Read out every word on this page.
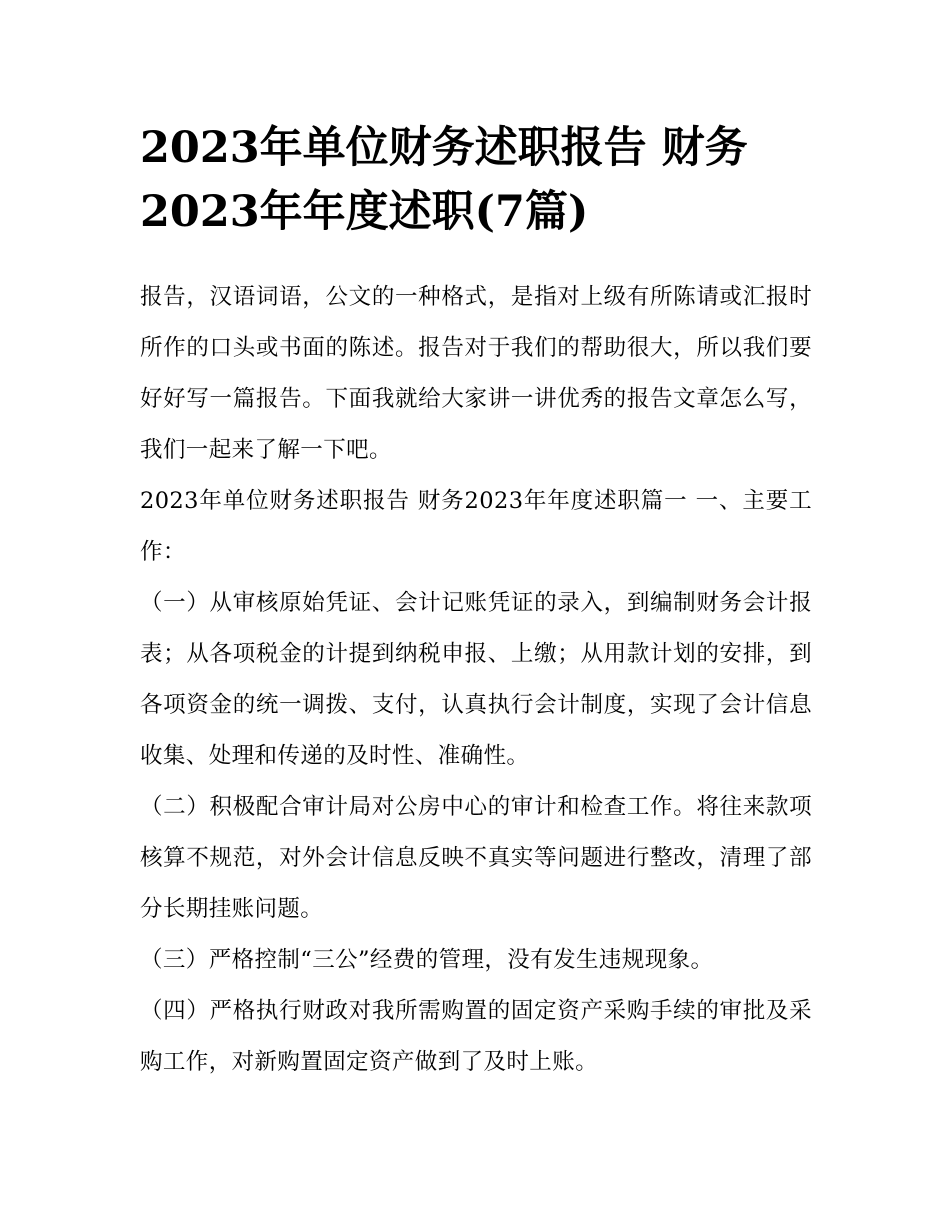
2023年单位财务述职报告 财务2023年年度述职(7篇)

报告，汉语词语，公文的一种格式，是指对上级有所陈请或汇报时所作的口头或书面的陈述。报告对于我们的帮助很大，所以我们要好好写一篇报告。下面我就给大家讲一讲优秀的报告文章怎么写，我们一起来了解一下吧。

2023年单位财务述职报告 财务2023年年度述职篇一 一、主要工作：

（一）从审核原始凭证、会计记账凭证的录入，到编制财务会计报表；从各项税金的计提到纳税申报、上缴；从用款计划的安排，到各项资金的统一调拨、支付，认真执行会计制度，实现了会计信息收集、处理和传递的及时性、准确性。

（二）积极配合审计局对公房中心的审计和检查工作。将往来款项核算不规范，对外会计信息反映不真实等问题进行整改，清理了部分长期挂账问题。

（三）严格控制“三公”经费的管理，没有发生违规现象。

（四）严格执行财政对我所需购置的固定资产采购手续的审批及采购工作，对新购置固定资产做到了及时上账。
